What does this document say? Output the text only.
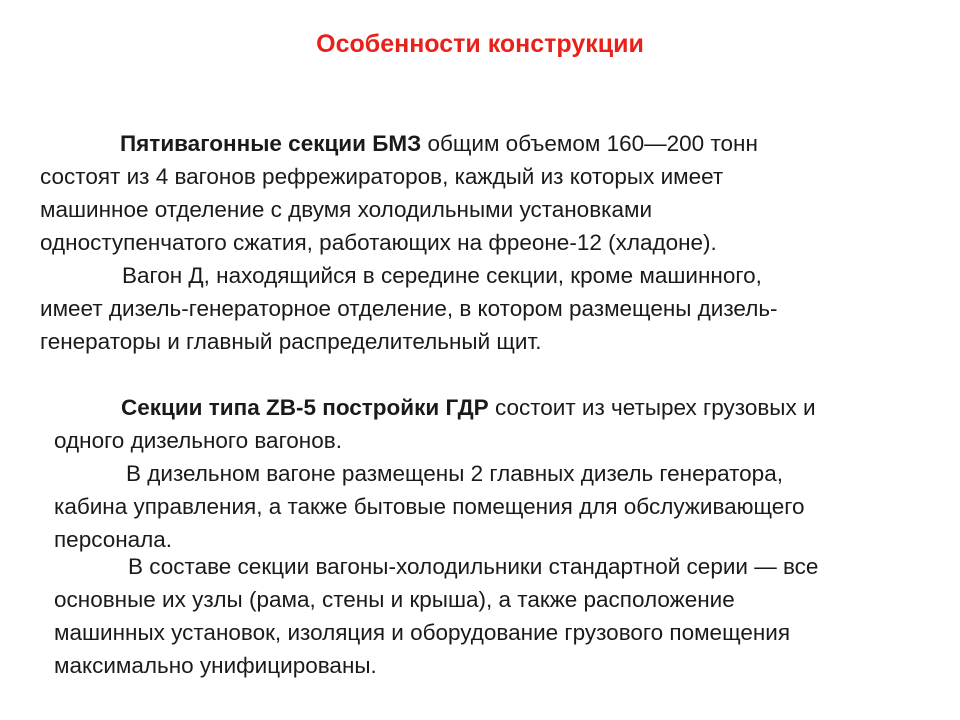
Особенности конструкции

Пятивагонные секции БМЗ общим объемом 160—200 тонн
состоят из 4 вагонов рефрежираторов, каждый из которых имеет
машинное отделение с двумя холодильными установками
одноступенчатого сжатия, работающих на фреоне-12 (хладоне).

Вагон Д, находящийся в середине секции, кроме машинного,
имеет дизель-генераторное отделение, в котором размещены дизель-
генераторы и главный распределительный щит.

Секции типа ZB-5 постройки ГДР состоит из четырех грузовых и
одного дизельного вагонов.

В дизельном вагоне размещены 2 главных дизель генератора,
кабина управления, а также бытовые помещения для обслуживающего
персонала.

В составе секции вагоны-холодильники стандартной серии — все
основные их узлы (рама, стены и крыша), а также расположение
машинных установок, изоляция и оборудование грузового помещения
максимально унифицированы.
